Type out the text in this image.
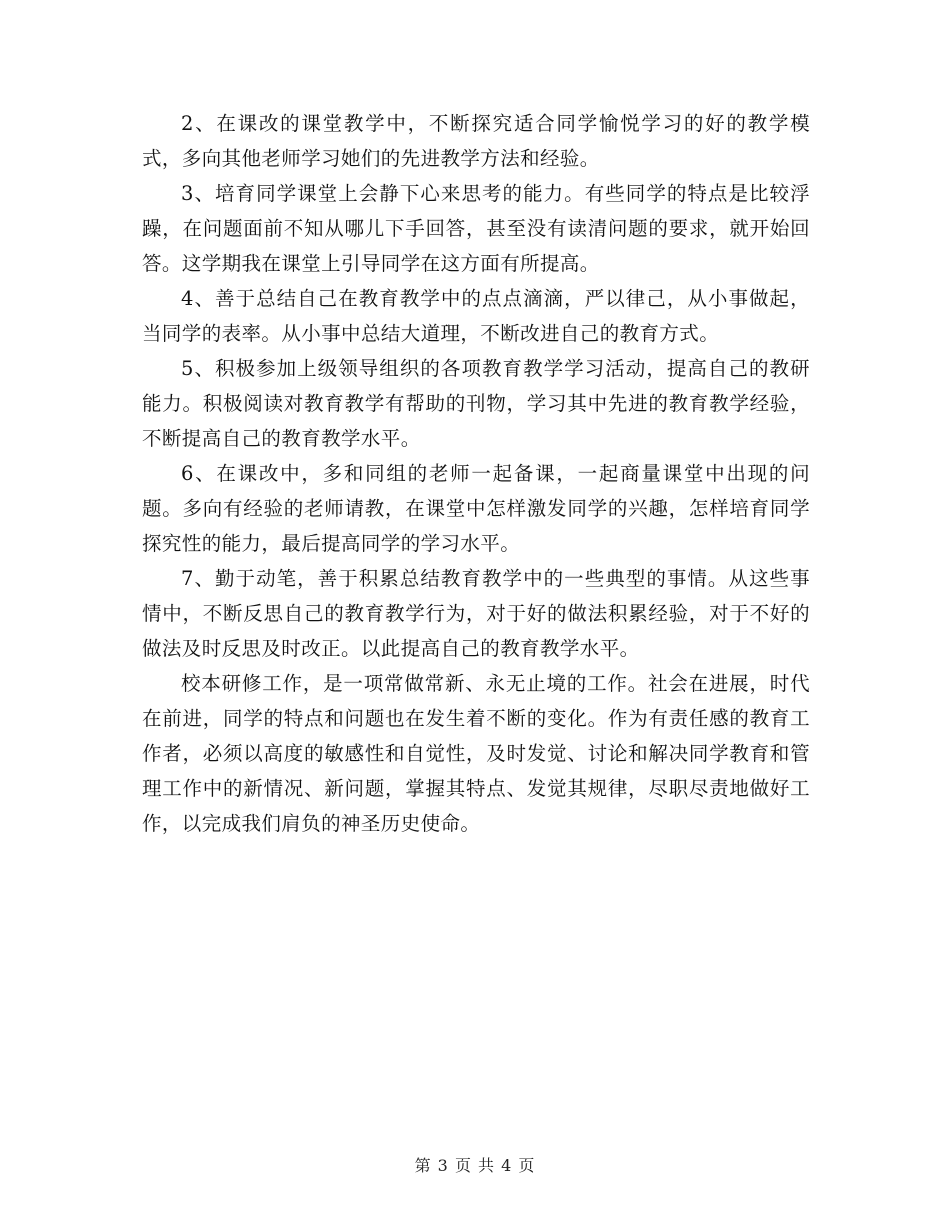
2、在课改的课堂教学中，不断探究适合同学愉悦学习的好的教学模式，多向其他老师学习她们的先进教学方法和经验。

3、培育同学课堂上会静下心来思考的能力。有些同学的特点是比较浮躁，在问题面前不知从哪儿下手回答，甚至没有读清问题的要求，就开始回答。这学期我在课堂上引导同学在这方面有所提高。

4、善于总结自己在教育教学中的点点滴滴，严以律己，从小事做起，当同学的表率。从小事中总结大道理，不断改进自己的教育方式。

5、积极参加上级领导组织的各项教育教学学习活动，提高自己的教研能力。积极阅读对教育教学有帮助的刊物，学习其中先进的教育教学经验，不断提高自己的教育教学水平。

6、在课改中，多和同组的老师一起备课，一起商量课堂中出现的问题。多向有经验的老师请教，在课堂中怎样激发同学的兴趣，怎样培育同学探究性的能力，最后提高同学的学习水平。

7、勤于动笔，善于积累总结教育教学中的一些典型的事情。从这些事情中，不断反思自己的教育教学行为，对于好的做法积累经验，对于不好的做法及时反思及时改正。以此提高自己的教育教学水平。

校本研修工作，是一项常做常新、永无止境的工作。社会在进展，时代在前进，同学的特点和问题也在发生着不断的变化。作为有责任感的教育工作者，必须以高度的敏感性和自觉性，及时发觉、讨论和解决同学教育和管理工作中的新情况、新问题，掌握其特点、发觉其规律，尽职尽责地做好工作，以完成我们肩负的神圣历史使命。

第 3 页 共 4 页
